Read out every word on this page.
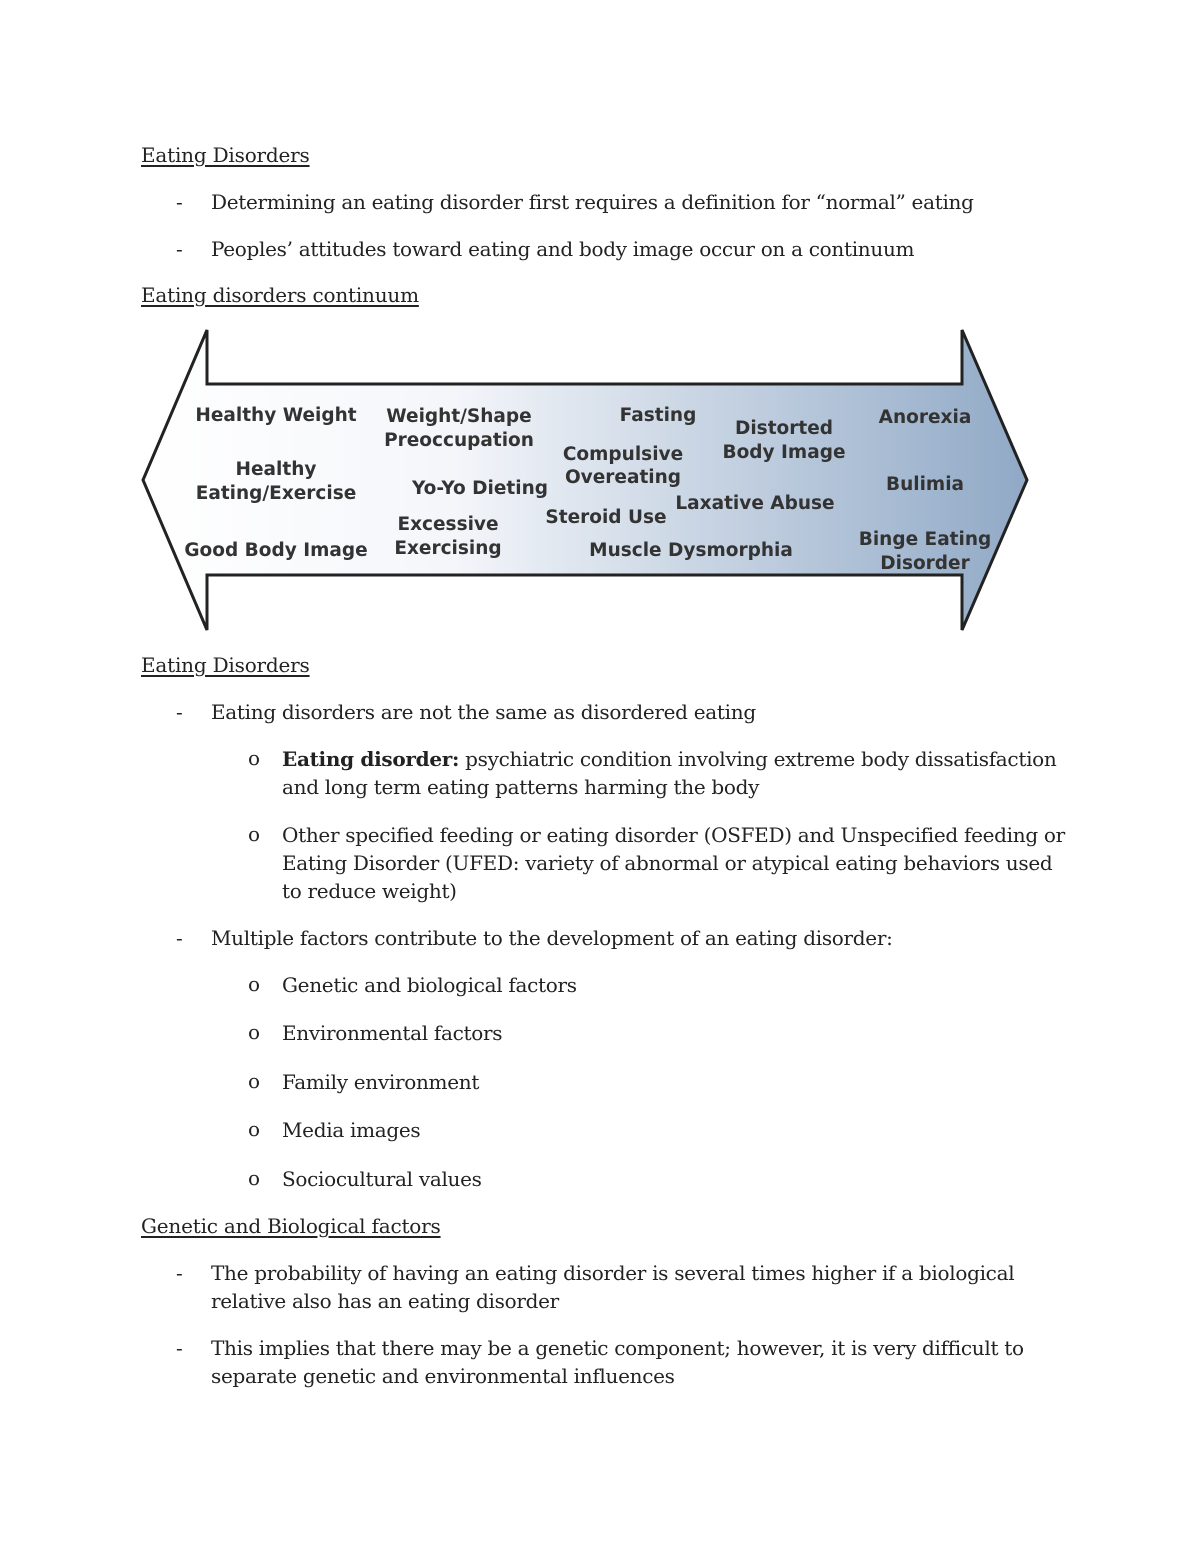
Eating Disorders
- Determining an eating disorder first requires a definition for “normal” eating
- Peoples’ attitudes toward eating and body image occur on a continuum
Eating disorders continuum
Healthy Weight
Healthy
Eating/Exercise
Good Body Image
Weight/Shape
Preoccupation
Yo-Yo Dieting
Excessive
Exercising
Fasting
Compulsive
Overeating
Steroid Use
Muscle Dysmorphia
Distorted
Body Image
Laxative Abuse
Anorexia
Bulimia
Binge Eating
Disorder
Eating Disorders
- Eating disorders are not the same as disordered eating
o Eating disorder: psychiatric condition involving extreme body dissatisfaction and long term eating patterns harming the body
o Other specified feeding or eating disorder (OSFED) and Unspecified feeding or Eating Disorder (UFED: variety of abnormal or atypical eating behaviors used to reduce weight)
- Multiple factors contribute to the development of an eating disorder:
o Genetic and biological factors
o Environmental factors
o Family environment
o Media images
o Sociocultural values
Genetic and Biological factors
- The probability of having an eating disorder is several times higher if a biological relative also has an eating disorder
- This implies that there may be a genetic component; however, it is very difficult to separate genetic and environmental influences
